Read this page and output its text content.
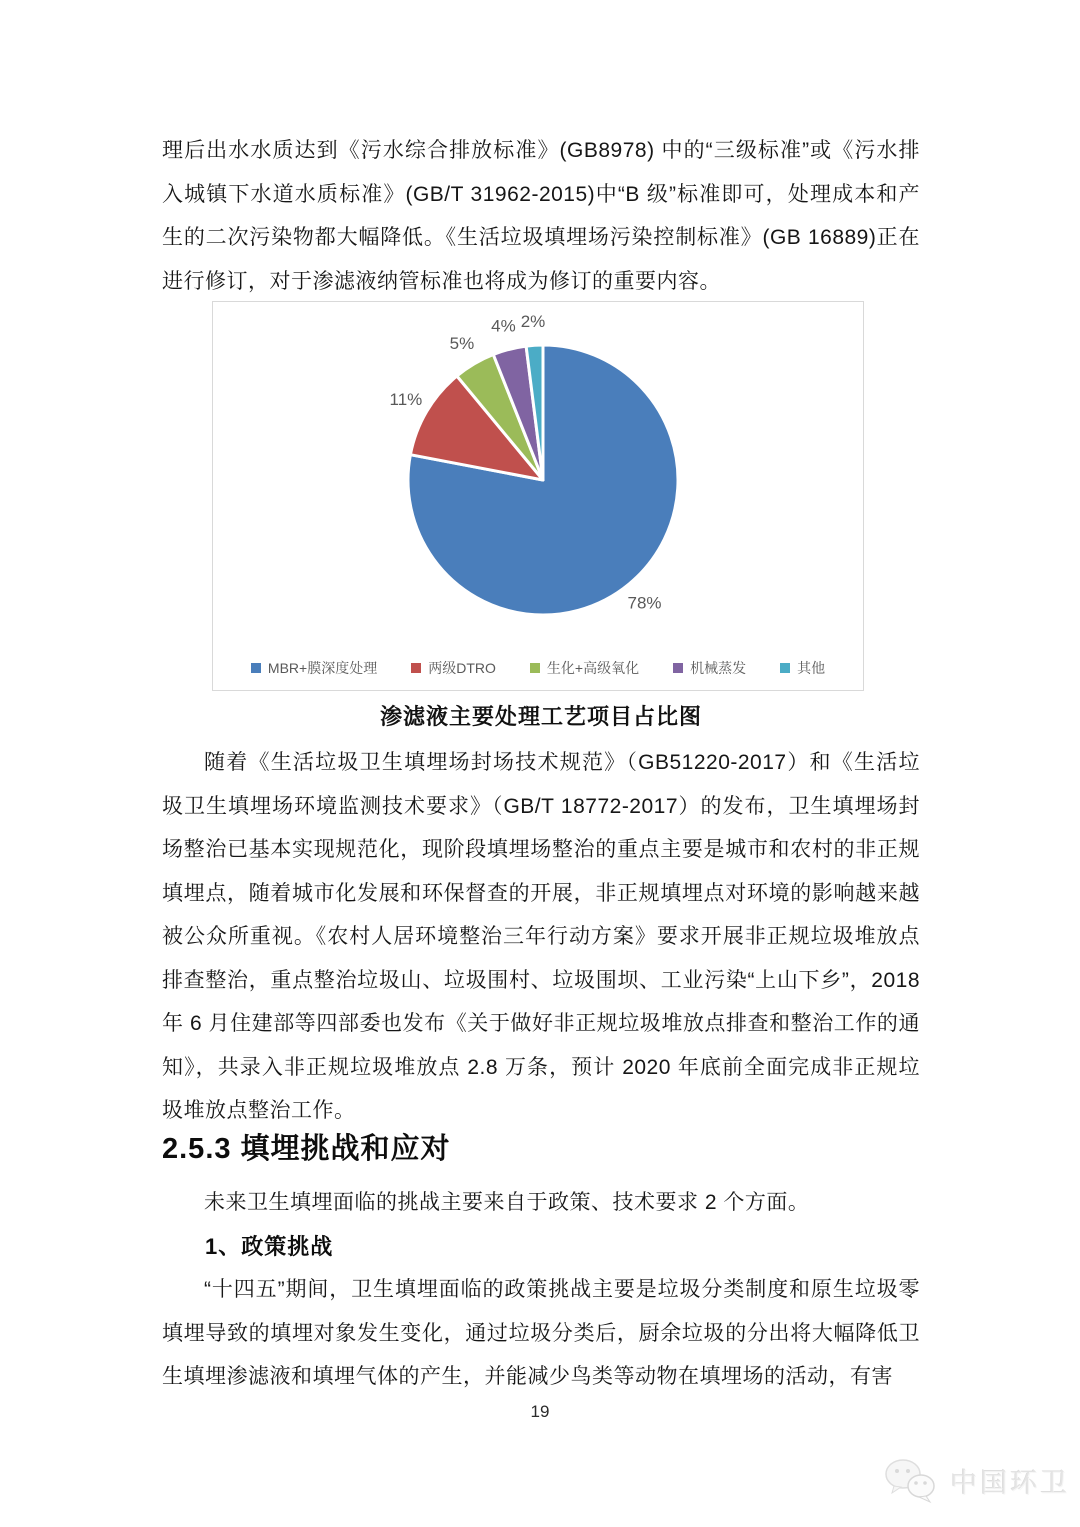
理后出水水质达到《污水综合排放标准》(GB8978) 中的“三级标准”或《污水排入城镇下水道水质标准》(GB/T 31962-2015)中“B 级”标准即可，处理成本和产生的二次污染物都大幅降低。《生活垃圾填埋场污染控制标准》(GB 16889)正在进行修订，对于渗滤液纳管标准也将成为修订的重要内容。

78%
11%
5%
4% 2%
MBR+膜深度处理	两级DTRO	生化+高级氧化	机械蒸发	其他
渗滤液主要处理工艺项目占比图

随着《生活垃圾卫生填埋场封场技术规范》（GB51220-2017）和《生活垃圾卫生填埋场环境监测技术要求》（GB/T 18772-2017）的发布，卫生填埋场封场整治已基本实现规范化，现阶段填埋场整治的重点主要是城市和农村的非正规填埋点，随着城市化发展和环保督查的开展，非正规填埋点对环境的影响越来越被公众所重视。《农村人居环境整治三年行动方案》要求开展非正规垃圾堆放点排查整治，重点整治垃圾山、垃圾围村、垃圾围坝、工业污染“上山下乡”，2018 年 6 月住建部等四部委也发布《关于做好非正规垃圾堆放点排查和整治工作的通知》，共录入非正规垃圾堆放点 2.8 万条，预计 2020 年底前全面完成非正规垃圾堆放点整治工作。

2.5.3 填埋挑战和应对

未来卫生填埋面临的挑战主要来自于政策、技术要求 2 个方面。

1、政策挑战

“十四五”期间，卫生填埋面临的政策挑战主要是垃圾分类制度和原生垃圾零填埋导致的填埋对象发生变化，通过垃圾分类后，厨余垃圾的分出将大幅降低卫生填埋渗滤液和填埋气体的产生，并能减少鸟类等动物在填埋场的活动，有害

19
中国环卫
